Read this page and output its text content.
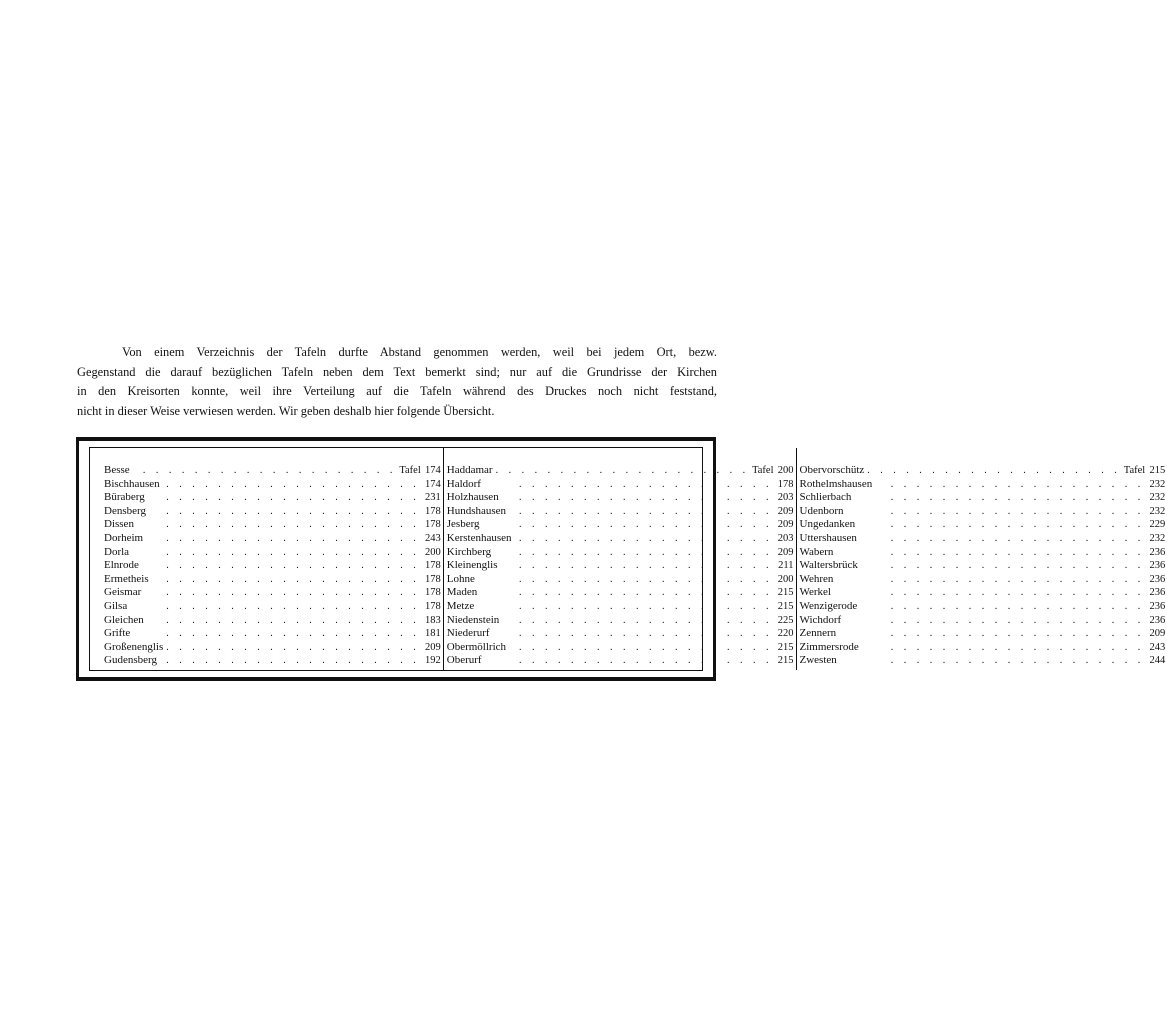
Von einem Verzeichnis der Tafeln durfte Abstand genommen werden, weil bei jedem Ort, bezw.
Gegenstand die darauf bezüglichen Tafeln neben dem Text bemerkt sind; nur auf die Grundrisse der Kirchen
in den Kreisorten konnte, weil ihre Verteilung auf die Tafeln während des Druckes noch nicht feststand,
nicht in dieser Weise verwiesen werden. Wir geben deshalb hier folgende Übersicht.
Besse	. . . . . . . . . . . . . . . . . . . . Tafel 174
Bischhausen . . . . . . . . . . . . . . . . . . . . 174
Büraberg	. . . . . . . . . . . . . . . . . . . . 231
Densberg	. . . . . . . . . . . . . . . . . . . . 178
Dissen	. . . . . . . . . . . . . . . . . . . . 178
Dorheim	. . . . . . . . . . . . . . . . . . . . 243
Dorla	. . . . . . . . . . . . . . . . . . . . 200
Elnrode	. . . . . . . . . . . . . . . . . . . . 178
Ermetheis	. . . . . . . . . . . . . . . . . . . . 178
Geismar	. . . . . . . . . . . . . . . . . . . . 178
Gilsa	. . . . . . . . . . . . . . . . . . . . 178
Gleichen	. . . . . . . . . . . . . . . . . . . . 183
Grifte	. . . . . . . . . . . . . . . . . . . . 181
Großenenglis . . . . . . . . . . . . . . . . . . . . 209
Gudensberg . . . . . . . . . . . . . . . . . . . . 192
Haddamar . . . . . . . . . . . . . . . . . . . . Tafel 200
Haldorf	. . . . . . . . . . . . . . . . . . . . 178
Holzhausen	. . . . . . . . . . . . . . . . . . . . 203
Hundshausen	. . . . . . . . . . . . . . . . . . . . 209
Jesberg	. . . . . . . . . . . . . . . . . . . . 209
Kerstenhausen . . . . . . . . . . . . . . . . . . . . 203
Kirchberg	. . . . . . . . . . . . . . . . . . . . 209
Kleinenglis	. . . . . . . . . . . . . . . . . . . . 211
Lohne	. . . . . . . . . . . . . . . . . . . . 200
Maden	. . . . . . . . . . . . . . . . . . . . 215
Metze	. . . . . . . . . . . . . . . . . . . . 215
Niedenstein	. . . . . . . . . . . . . . . . . . . . 225
Niederurf	. . . . . . . . . . . . . . . . . . . . 220
Obermöllrich	. . . . . . . . . . . . . . . . . . . . 215
Oberurf	. . . . . . . . . . . . . . . . . . . . 215
Obervorschütz . . . . . . . . . . . . . . . . . . . . Tafel 215
Rothelmshausen	. . . . . . . . . . . . . . . . . . . . 232
Schlierbach	. . . . . . . . . . . . . . . . . . . . 232
Udenborn	. . . . . . . . . . . . . . . . . . . . 232
Ungedanken	. . . . . . . . . . . . . . . . . . . . 229
Uttershausen	. . . . . . . . . . . . . . . . . . . . 232
Wabern	. . . . . . . . . . . . . . . . . . . . 236
Waltersbrück	. . . . . . . . . . . . . . . . . . . . 236
Wehren	. . . . . . . . . . . . . . . . . . . . 236
Werkel	. . . . . . . . . . . . . . . . . . . . 236
Wenzigerode	. . . . . . . . . . . . . . . . . . . . 236
Wichdorf	. . . . . . . . . . . . . . . . . . . . 236
Zennern	. . . . . . . . . . . . . . . . . . . . 209
Zimmersrode	. . . . . . . . . . . . . . . . . . . . 243
Zwesten	. . . . . . . . . . . . . . . . . . . . 244
